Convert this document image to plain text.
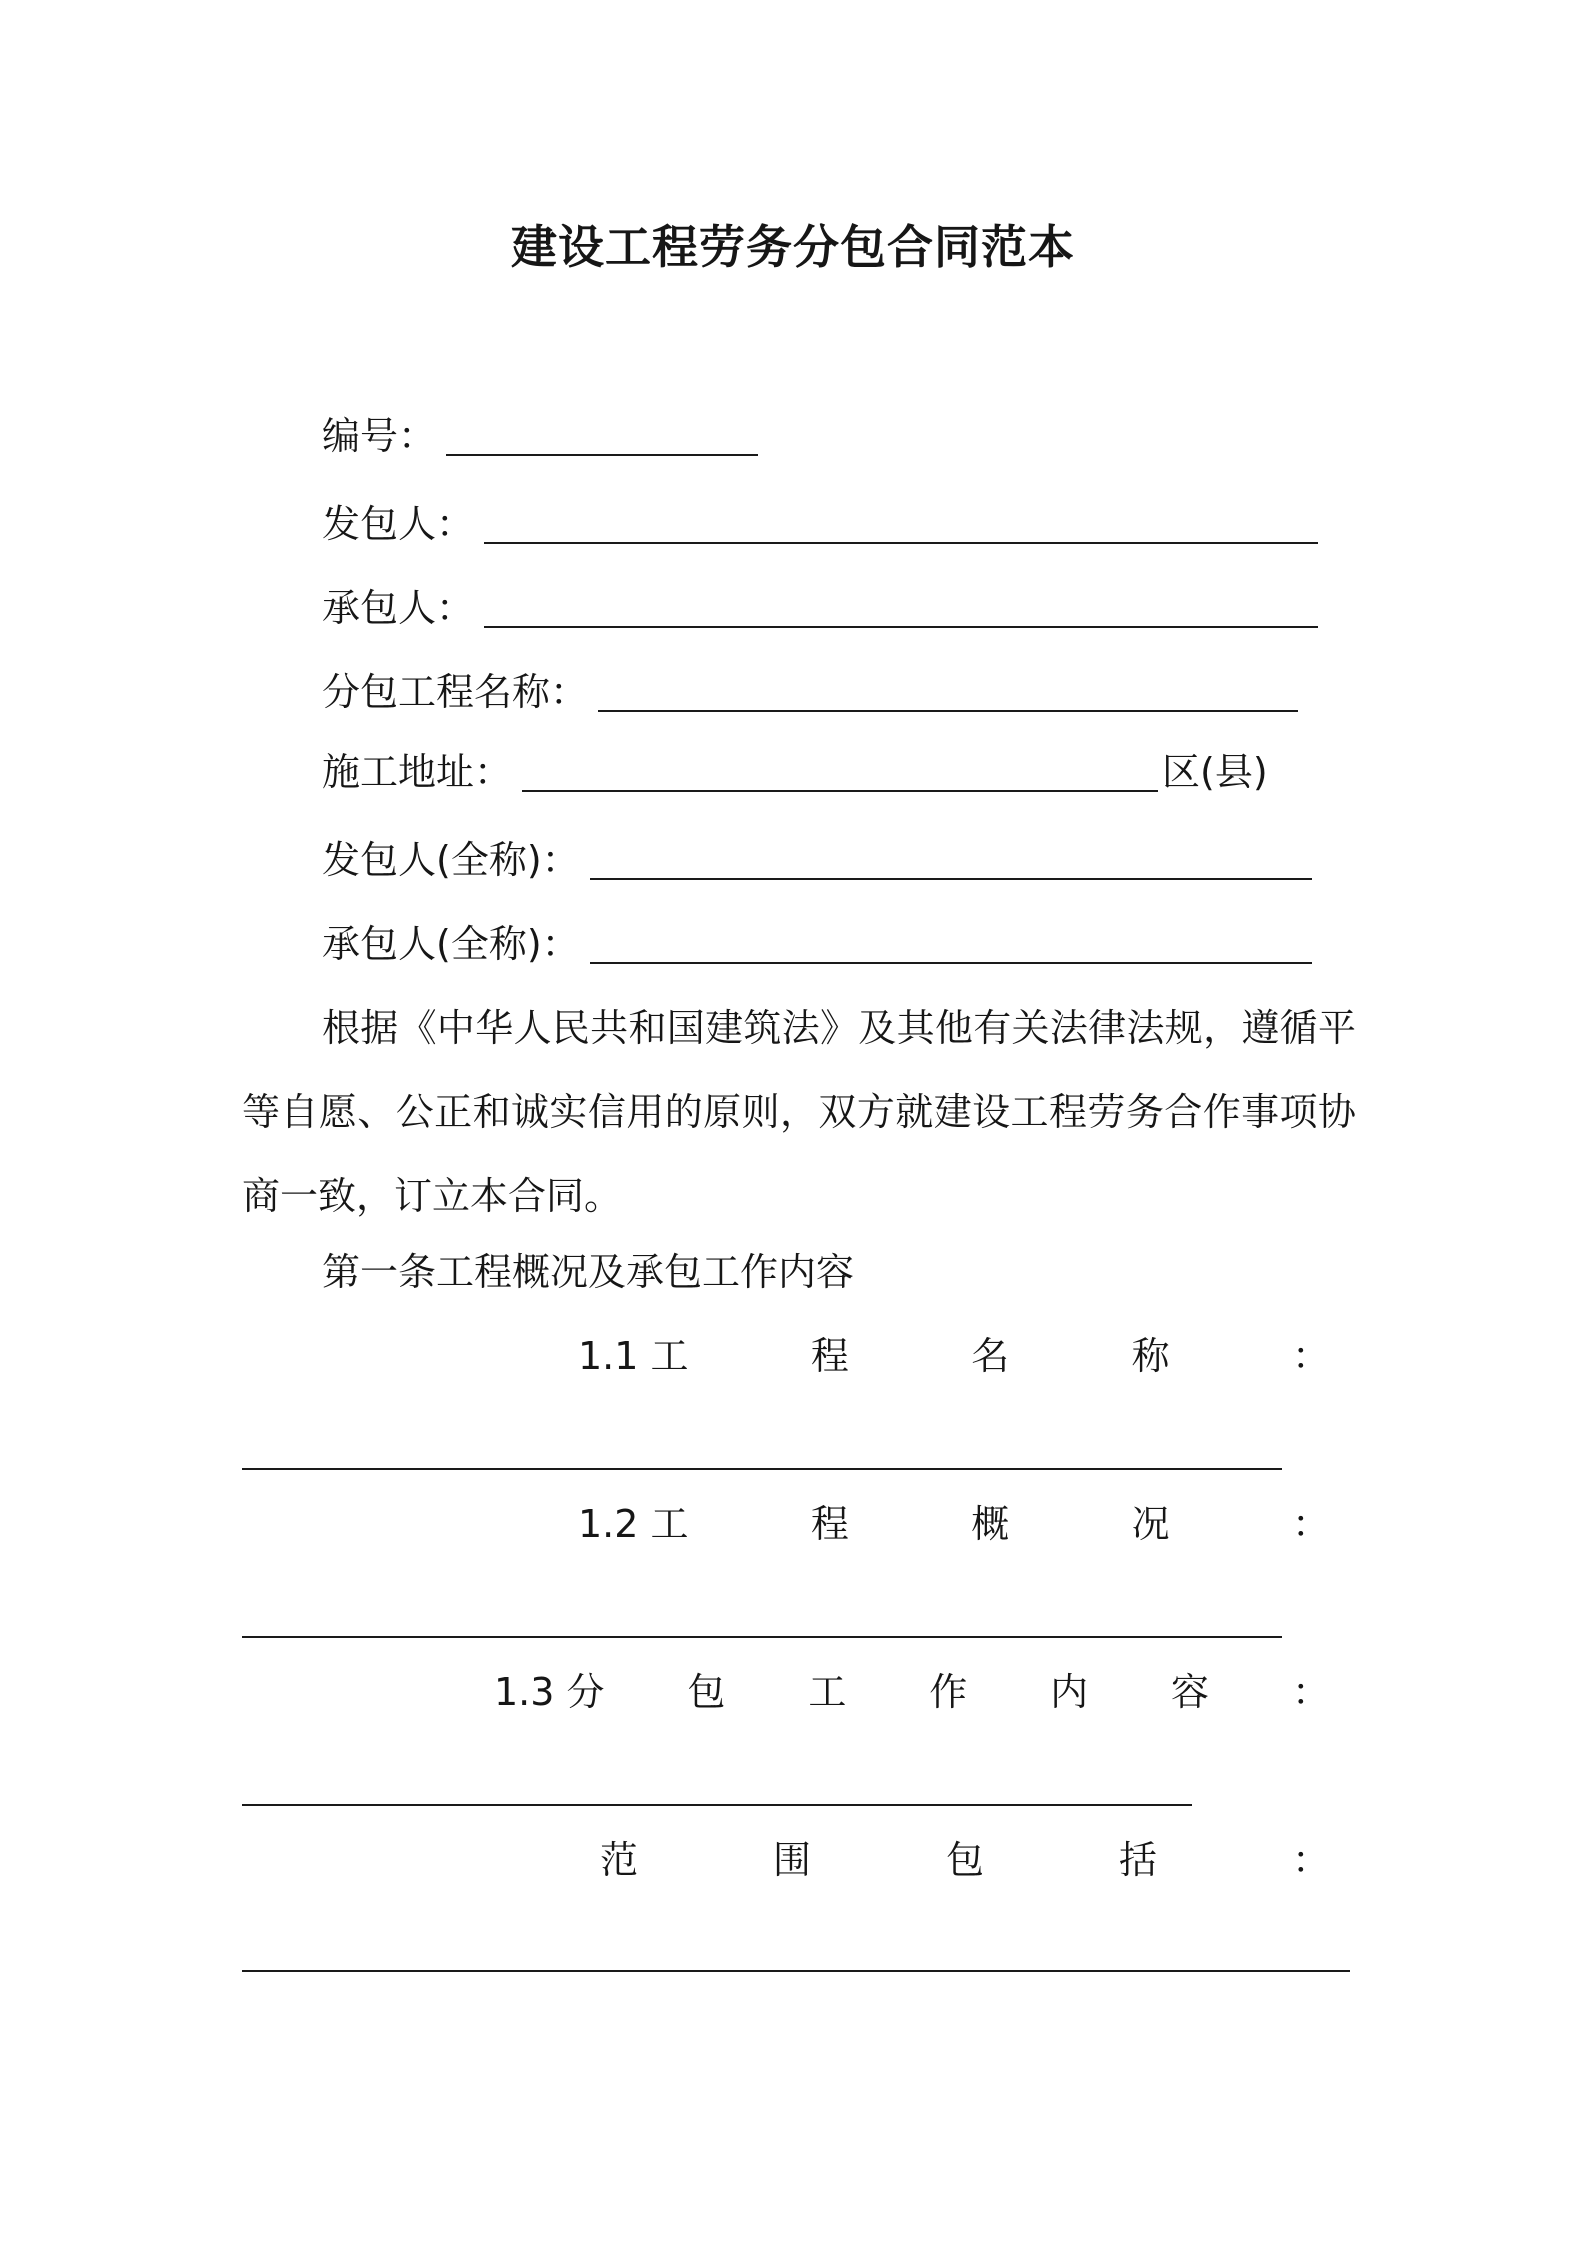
建设工程劳务分包合同范本
编号：
发包人：
承包人：
分包工程名称：
施工地址：	区(县)
发包人(全称)：
承包人(全称)：
根据《中华人民共和国建筑法》及其他有关法律法规，遵循平等自愿、公正和诚实信用的原则，双方就建设工程劳务合作事项协商一致，订立本合同。
第一条工程概况及承包工作内容
1.1 工	程	名	称	：
1.2 工	程	概	况	：
1.3 分 包 工 作 内 容 ：
范	围	包	括	：
